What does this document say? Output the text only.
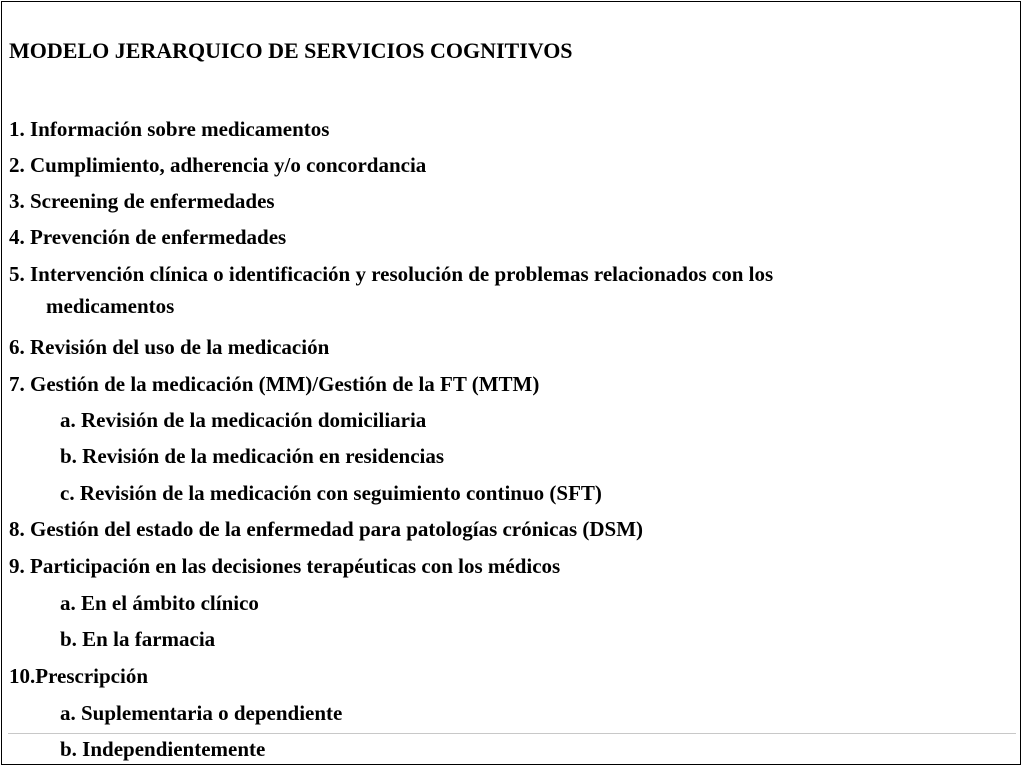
MODELO JERARQUICO DE SERVICIOS COGNITIVOS
1. Información sobre medicamentos
2. Cumplimiento, adherencia y/o concordancia
3. Screening de enfermedades
4. Prevención de enfermedades
5. Intervención clínica o identificación y resolución de problemas relacionados con los
medicamentos
6. Revisión del uso de la medicación
7. Gestión de la medicación (MM)/Gestión de la FT (MTM)
a. Revisión de la medicación domiciliaria
b. Revisión de la medicación en residencias
c. Revisión de la medicación con seguimiento continuo (SFT)
8. Gestión del estado de la enfermedad para patologías crónicas (DSM)
9. Participación en las decisiones terapéuticas con los médicos
a. En el ámbito clínico
b. En la farmacia
10.Prescripción
a. Suplementaria o dependiente
b. Independientemente
